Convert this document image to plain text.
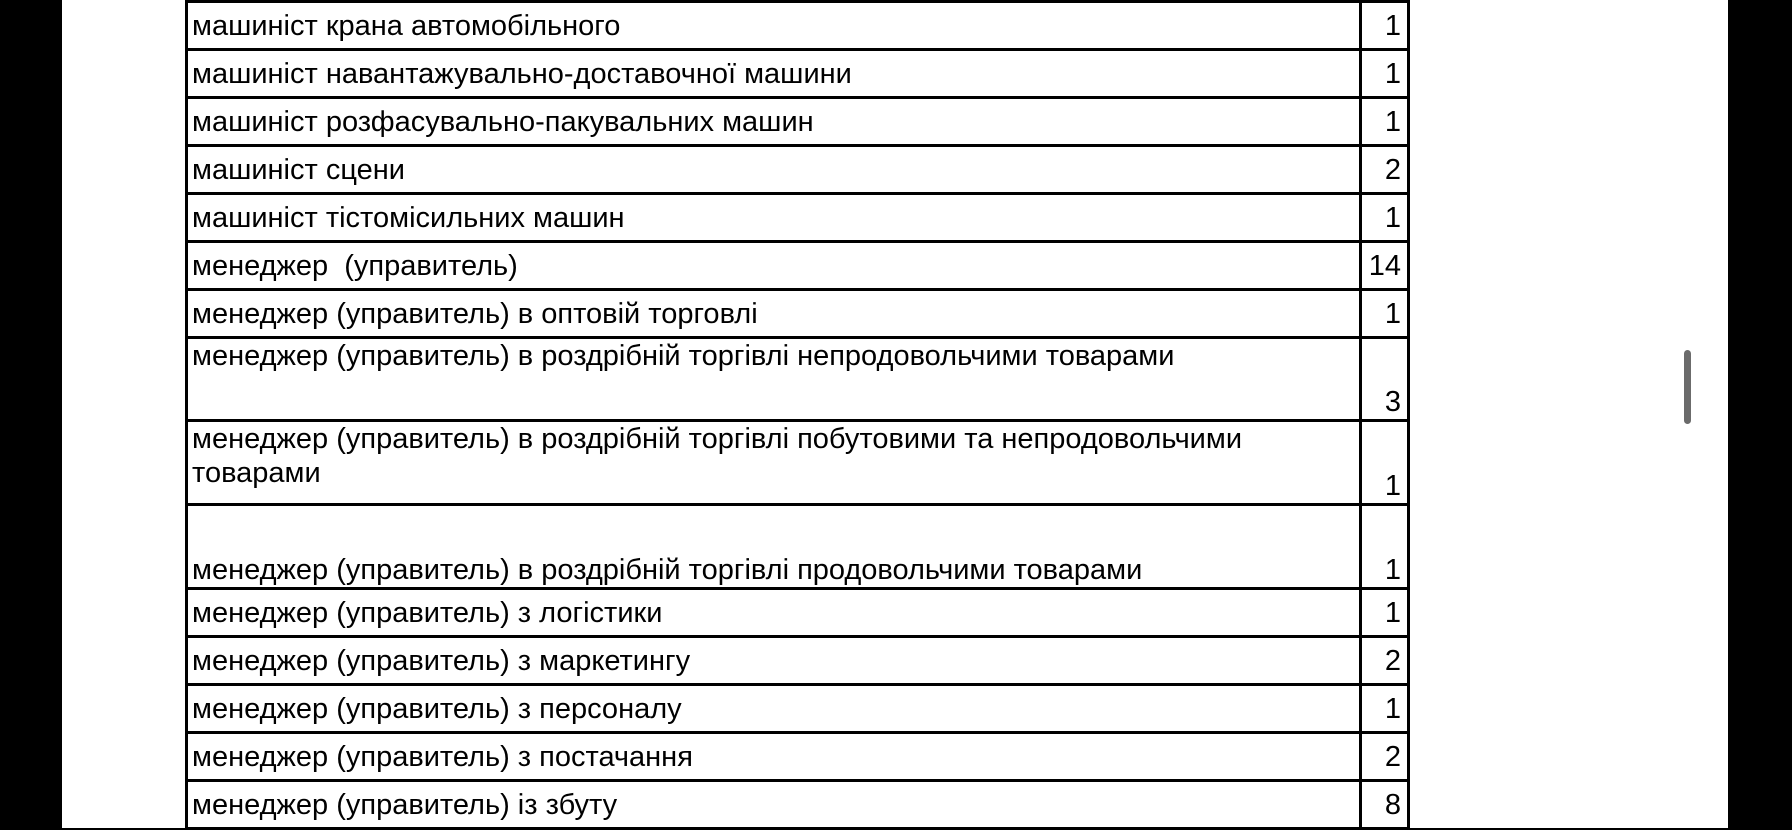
машиніст крана автомобільного	1
машиніст навантажувально-доставочної машини	1
машиніст розфасувально-пакувальних машин	1
машиніст сцени	2
машиніст тістомісильних машин	1
менеджер  (управитель)	14
менеджер (управитель) в оптовій торговлі	1
менеджер (управитель) в роздрібній торгівлі непродовольчими товарами	3
менеджер (управитель) в роздрібній торгівлі побутовими та непродовольчими товарами	1
менеджер (управитель) в роздрібній торгівлі продовольчими товарами	1
менеджер (управитель) з логістики	1
менеджер (управитель) з маркетингу	2
менеджер (управитель) з персоналу	1
менеджер (управитель) з постачання	2
менеджер (управитель) із збуту	8
